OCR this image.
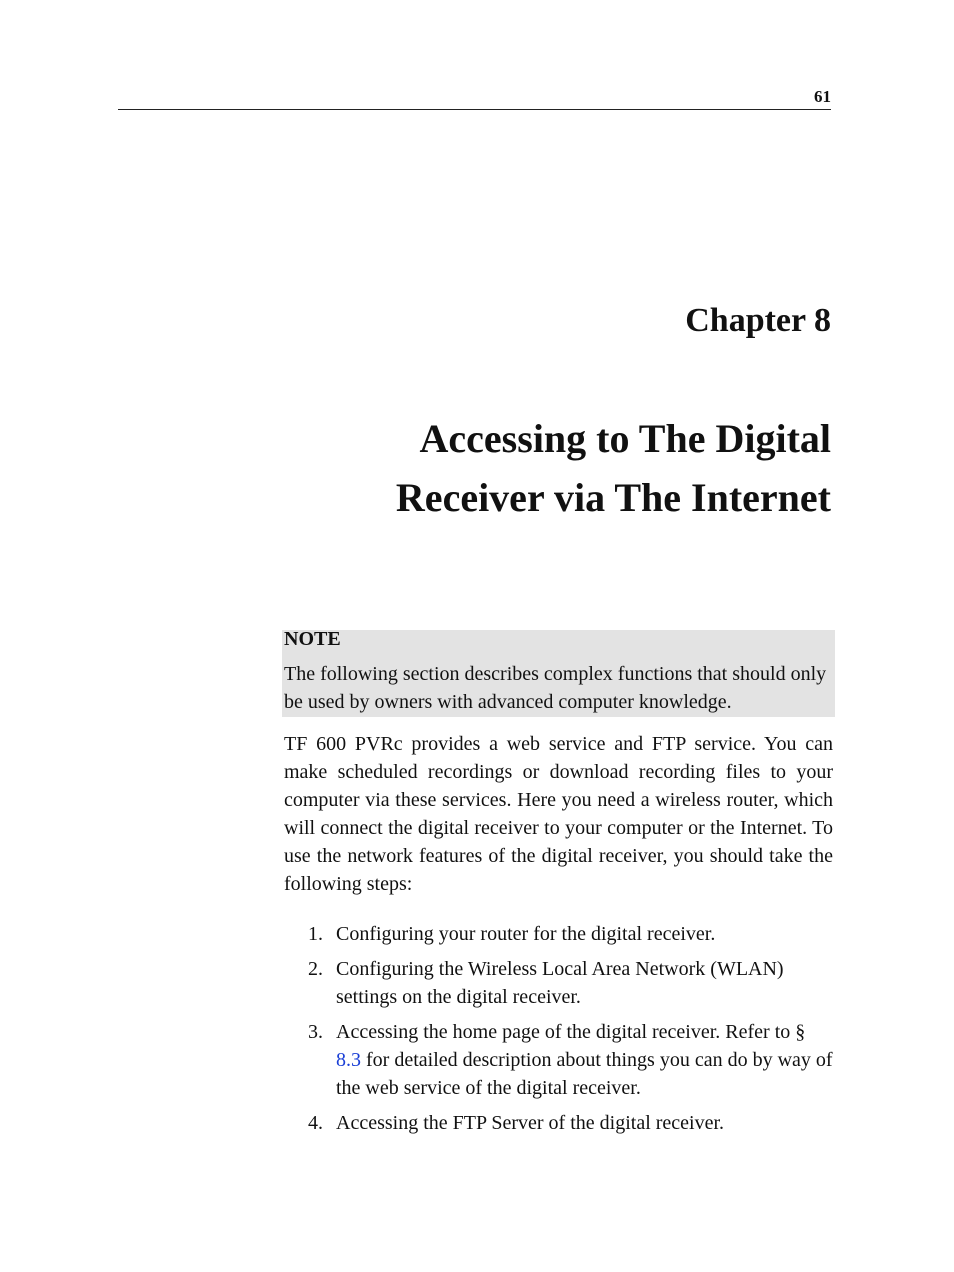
61
Chapter 8
Accessing to The Digital
Receiver via The Internet
NOTE
The following section describes complex functions that should only be used by owners with advanced computer knowledge.
TF 600 PVRc provides a web service and FTP service. You can make scheduled recordings or download recording files to your computer via these services. Here you need a wireless router, which will connect the digital receiver to your computer or the Internet. To use the network features of the digital receiver, you should take the following steps:
1. Configuring your router for the digital receiver.
2. Configuring the Wireless Local Area Network (WLAN) settings on the digital receiver.
3. Accessing the home page of the digital receiver. Refer to § 8.3 for detailed description about things you can do by way of the web service of the digital receiver.
4. Accessing the FTP Server of the digital receiver.
